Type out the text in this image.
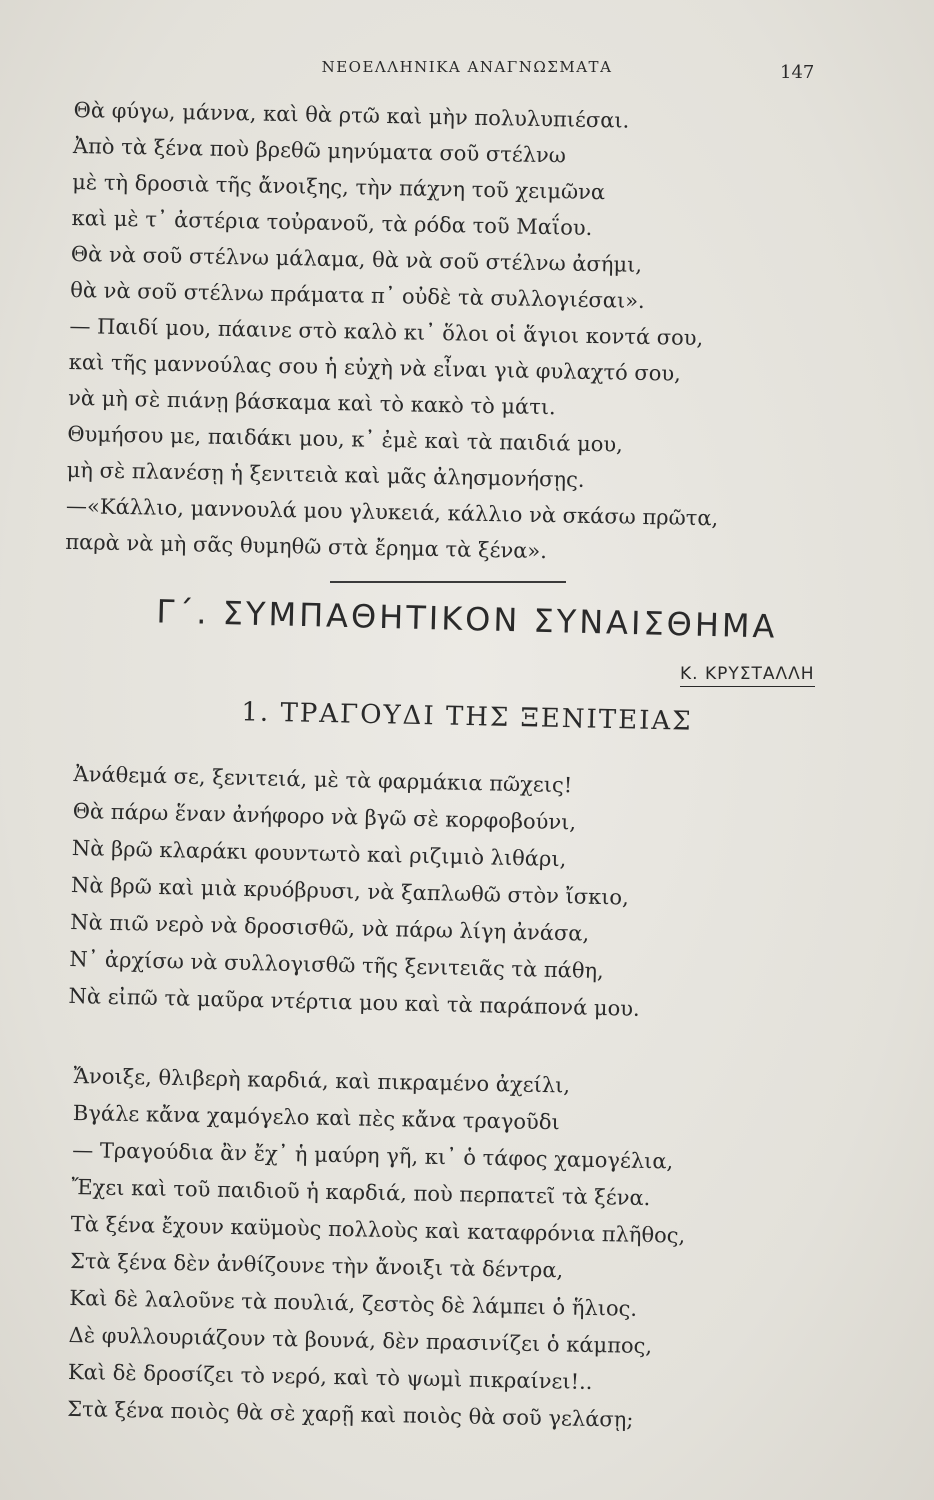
ΝΕΟΕΛΛΗΝΙΚΑ ΑΝΑΓΝΩΣΜΑΤΑ	147
Θὰ φύγω, μάννα, καὶ θὰ ρτῶ καὶ μὴν πολυλυπιέσαι.
Ἀπὸ τὰ ξένα ποὺ βρεθῶ μηνύματα σοῦ στέλνω
μὲ τὴ δροσιὰ τῆς ἄνοιξης, τὴν πάχνη τοῦ χειμῶνα
καὶ μὲ τ᾽ ἀστέρια τοὐρανοῦ, τὰ ρόδα τοῦ Μαΐου.
Θὰ νὰ σοῦ στέλνω μάλαμα, θὰ νὰ σοῦ στέλνω ἀσήμι,
θὰ νὰ σοῦ στέλνω πράματα π᾽ οὐδὲ τὰ συλλογιέσαι».
— Παιδί μου, πάαινε στὸ καλὸ κι᾽ ὅλοι οἱ ἅγιοι κοντά σου,
καὶ τῆς μαννούλας σου ἡ εὐχὴ νὰ εἶναι γιὰ φυλαχτό σου,
νὰ μὴ σὲ πιάνῃ βάσκαμα καὶ τὸ κακὸ τὸ μάτι.
Θυμήσου με, παιδάκι μου, κ᾽ ἐμὲ καὶ τὰ παιδιά μου,
μὴ σὲ πλανέσῃ ἡ ξενιτειὰ καὶ μᾶς ἀλησμονήσῃς.
—«Κάλλιο, μαννουλά μου γλυκειά, κάλλιο νὰ σκάσω πρῶτα,
παρὰ νὰ μὴ σᾶς θυμηθῶ στὰ ἔρημα τὰ ξένα».
Γ΄. ΣΥΜΠΑΘΗΤΙΚΟΝ ΣΥΝΑΙΣΘΗΜΑ
Κ. ΚΡΥΣΤΑΛΛΗ
1. ΤΡΑΓΟΥΔΙ ΤΗΣ ΞΕΝΙΤΕΙΑΣ
Ἀνάθεμά σε, ξενιτειά, μὲ τὰ φαρμάκια πῶχεις!
Θὰ πάρω ἕναν ἀνήφορο νὰ βγῶ σὲ κορφοβούνι,
Νὰ βρῶ κλαράκι φουντωτὸ καὶ ριζιμιὸ λιθάρι,
Νὰ βρῶ καὶ μιὰ κρυόβρυσι, νὰ ξαπλωθῶ στὸν ἴσκιο,
Νὰ πιῶ νερὸ νὰ δροσισθῶ, νὰ πάρω λίγη ἀνάσα,
Ν᾽ ἀρχίσω νὰ συλλογισθῶ τῆς ξενιτειᾶς τὰ πάθη,
Νὰ εἰπῶ τὰ μαῦρα ντέρτια μου καὶ τὰ παράπονά μου.
Ἄνοιξε, θλιβερὴ καρδιά, καὶ πικραμένο ἀχείλι,
Βγάλε κἄνα χαμόγελο καὶ πὲς κἄνα τραγοῦδι
— Τραγούδια ἂν ἔχ᾽ ἡ μαύρη γῆ, κι᾽ ὁ τάφος χαμογέλια,
Ἔχει καὶ τοῦ παιδιοῦ ἡ καρδιά, ποὺ περπατεῖ τὰ ξένα.
Τὰ ξένα ἔχουν καϋμοὺς πολλοὺς καὶ καταφρόνια πλῆθος,
Στὰ ξένα δὲν ἀνθίζουνε τὴν ἄνοιξι τὰ δέντρα,
Καὶ δὲ λαλοῦνε τὰ πουλιά, ζεστὸς δὲ λάμπει ὁ ἥλιος.
Δὲ φυλλουριάζουν τὰ βουνά, δὲν πρασινίζει ὁ κάμπος,
Καὶ δὲ δροσίζει τὸ νερό, καὶ τὸ ψωμὶ πικραίνει!..
Στὰ ξένα ποιὸς θὰ σὲ χαρῇ καὶ ποιὸς θὰ σοῦ γελάσῃ;
